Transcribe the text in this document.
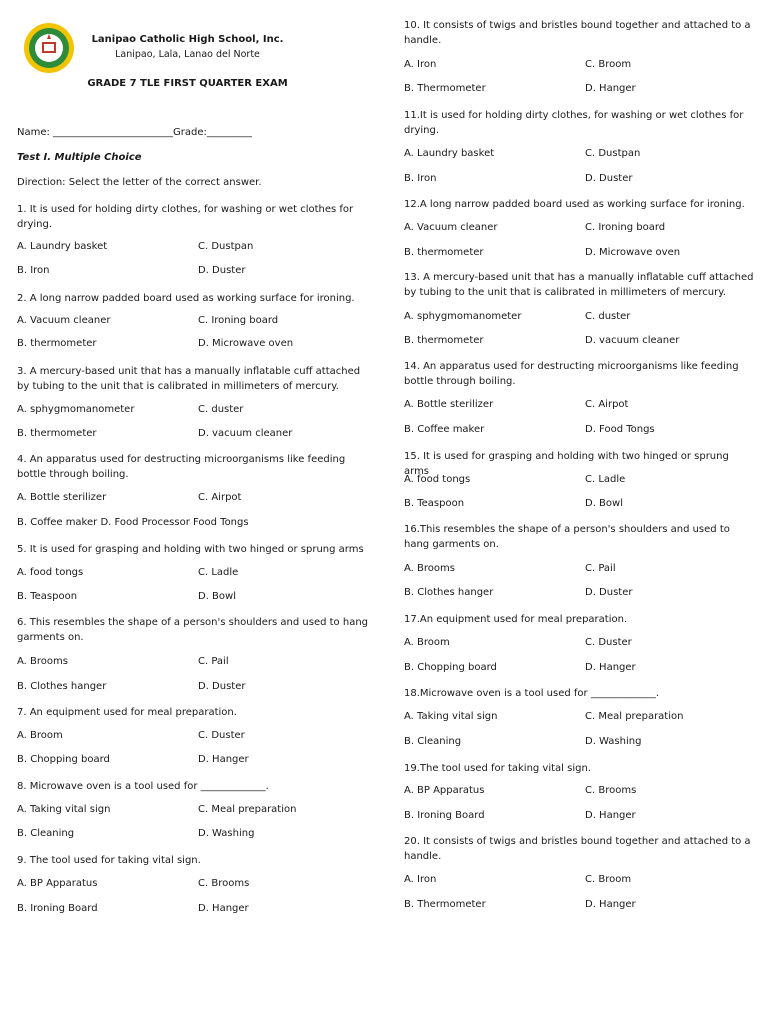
Lanipao Catholic High School, Inc.
Lanipao, Lala, Lanao del Norte
GRADE 7 TLE FIRST QUARTER EXAM
Name: ________________________Grade:_________
Test I. Multiple Choice
Direction: Select the letter of the correct answer.
1. It is used for holding dirty clothes, for washing or wet clothes for drying.
A. Laundry basket	C. Dustpan
B. Iron	D. Duster
2. A long narrow padded board used as working surface for ironing.
A. Vacuum cleaner	C. Ironing board
B. thermometer	D. Microwave oven
3. A mercury-based unit that has a manually inflatable cuff attached by tubing to the unit that is calibrated in millimeters of mercury.
A. sphygmomanometer	C. duster
B. thermometer	D. vacuum cleaner
4. An apparatus used for destructing microorganisms like feeding bottle through boiling.
A. Bottle sterilizer	C. Airpot
B. Coffee maker D. Food Processor Food Tongs
5. It is used for grasping and holding with two hinged or sprung arms
A. food tongs	C. Ladle
B. Teaspoon	D. Bowl
6. This resembles the shape of a person's shoulders and used to hang garments on.
A. Brooms	C. Pail
B. Clothes hanger	D. Duster
7. An equipment used for meal preparation.
A. Broom	C. Duster
B. Chopping board	D. Hanger
8. Microwave oven is a tool used for _____________.
A. Taking vital sign	C. Meal preparation
B. Cleaning	D. Washing
9. The tool used for taking vital sign.
A. BP Apparatus	C. Brooms
B. Ironing Board	D. Hanger
10. It consists of twigs and bristles bound together and attached to a handle.
A. Iron	C. Broom
B. Thermometer	D. Hanger
11.It is used for holding dirty clothes, for washing or wet clothes for drying.
A. Laundry basket	C. Dustpan
B. Iron	D. Duster
12.A long narrow padded board used as working surface for ironing.
A. Vacuum cleaner	C. Ironing board
B. thermometer	D. Microwave oven
13. A mercury-based unit that has a manually inflatable cuff attached by tubing to the unit that is calibrated in millimeters of mercury.
A. sphygmomanometer	C. duster
B. thermometer	D. vacuum cleaner
14. An apparatus used for destructing microorganisms like feeding bottle through boiling.
A. Bottle sterilizer	C. Airpot
B. Coffee maker	D. Food Tongs
15. It is used for grasping and holding with two hinged or sprung arms
A. food tongs	C. Ladle
B. Teaspoon	D. Bowl
16.This resembles the shape of a person's shoulders and used to hang garments on.
A. Brooms	C. Pail
B. Clothes hanger	D. Duster
17.An equipment used for meal preparation.
A. Broom	C. Duster
B. Chopping board	D. Hanger
18.Microwave oven is a tool used for _____________.
A. Taking vital sign	C. Meal preparation
B. Cleaning	D. Washing
19.The tool used for taking vital sign.
A. BP Apparatus	C. Brooms
B. Ironing Board	D. Hanger
20. It consists of twigs and bristles bound together and attached to a handle.
A. Iron	C. Broom
B. Thermometer	D. Hanger
